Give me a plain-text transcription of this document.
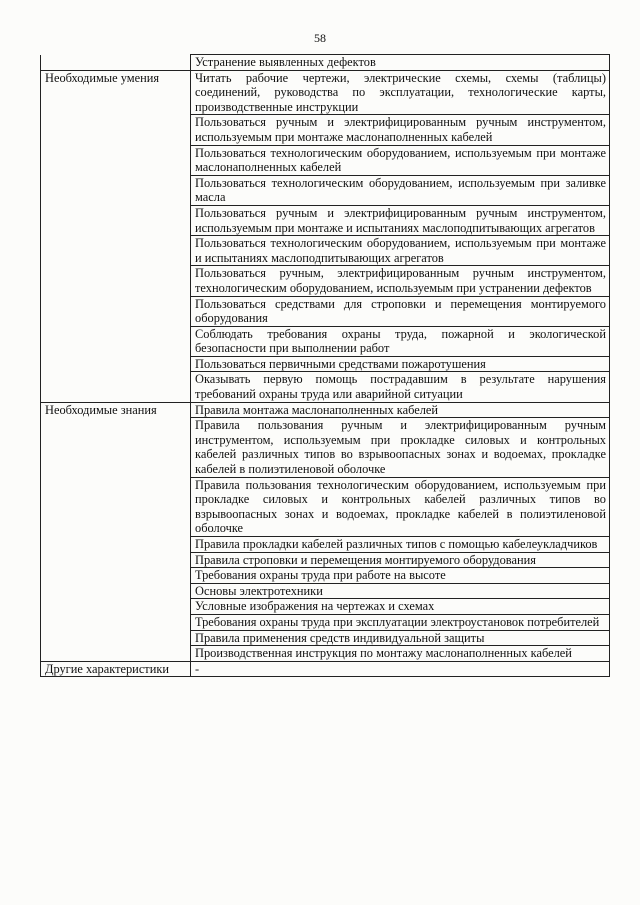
58
	Устранение выявленных дефектов
Необходимые умения	Читать рабочие чертежи, электрические схемы, схемы (таблицы) соединений, руководства по эксплуатации, технологические карты, производственные инструкции
	Пользоваться ручным и электрифицированным ручным инструментом, используемым при монтаже маслонаполненных кабелей
	Пользоваться технологическим оборудованием, используемым при монтаже маслонаполненных кабелей
	Пользоваться технологическим оборудованием, используемым при заливке масла
	Пользоваться ручным и электрифицированным ручным инструментом, используемым при монтаже и испытаниях маслоподпитывающих агрегатов
	Пользоваться технологическим оборудованием, используемым при монтаже и испытаниях маслоподпитывающих агрегатов
	Пользоваться ручным, электрифицированным ручным инструментом, технологическим оборудованием, используемым при устранении дефектов
	Пользоваться средствами для строповки и перемещения монтируемого оборудования
	Соблюдать требования охраны труда, пожарной и экологической безопасности при выполнении работ
	Пользоваться первичными средствами пожаротушения
	Оказывать первую помощь пострадавшим в результате нарушения требований охраны труда или аварийной ситуации
Необходимые знания	Правила монтажа маслонаполненных кабелей
	Правила пользования ручным и электрифицированным ручным инструментом, используемым при прокладке силовых и контрольных кабелей различных типов во взрывоопасных зонах и водоемах, прокладке кабелей в полиэтиленовой оболочке
	Правила пользования технологическим оборудованием, используемым при прокладке силовых и контрольных кабелей различных типов во взрывоопасных зонах и водоемах, прокладке кабелей в полиэтиленовой оболочке
	Правила прокладки кабелей различных типов с помощью кабелеукладчиков
	Правила строповки и перемещения монтируемого оборудования
	Требования охраны труда при работе на высоте
	Основы электротехники
	Условные изображения на чертежах и схемах
	Требования охраны труда при эксплуатации электроустановок потребителей
	Правила применения средств индивидуальной защиты
	Производственная инструкция по монтажу маслонаполненных кабелей
Другие характеристики	-
